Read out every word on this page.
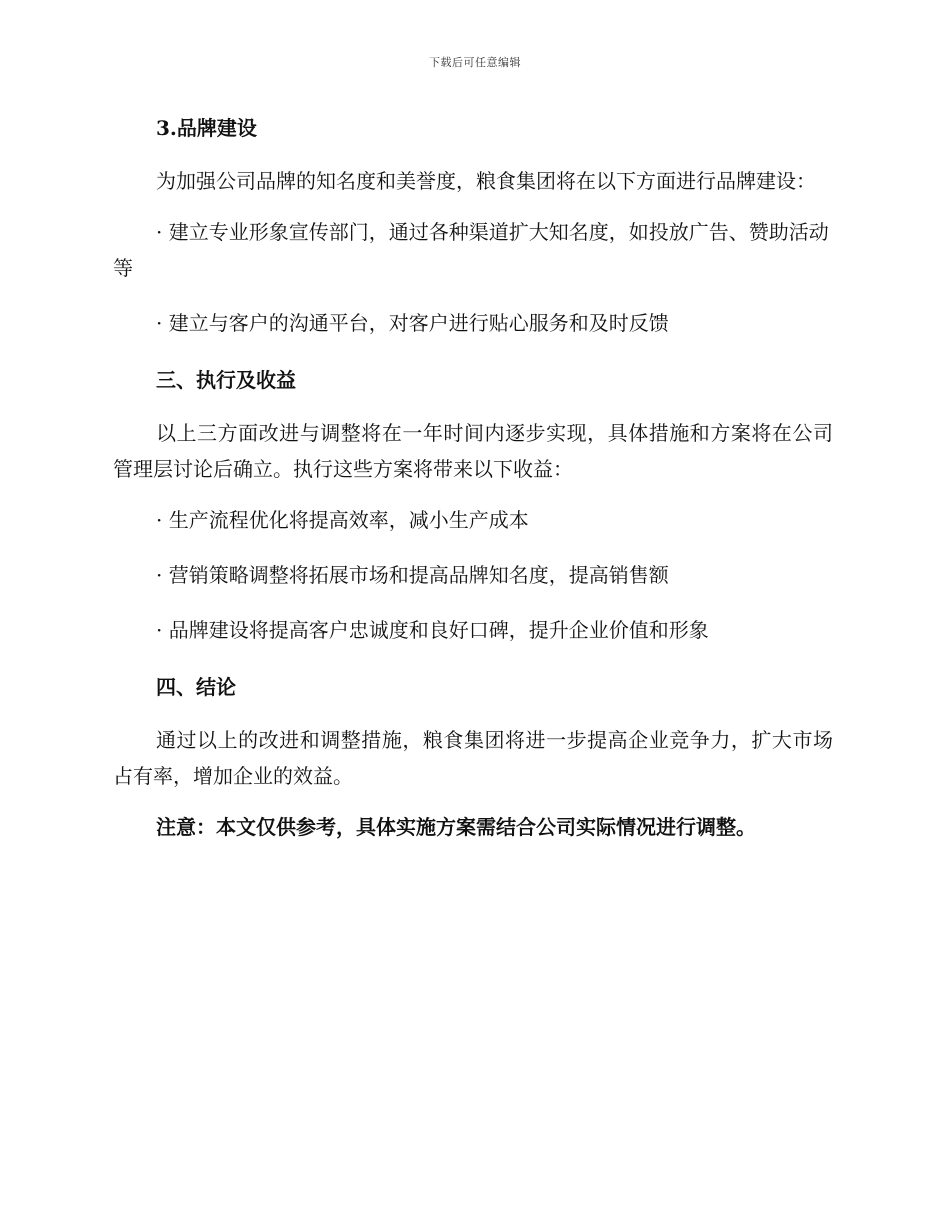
下载后可任意编辑
3.品牌建设

为加强公司品牌的知名度和美誉度，粮食集团将在以下方面进行品牌建设：

· 建立专业形象宣传部门，通过各种渠道扩大知名度，如投放广告、赞助活动等

· 建立与客户的沟通平台，对客户进行贴心服务和及时反馈

三、执行及收益

以上三方面改进与调整将在一年时间内逐步实现，具体措施和方案将在公司管理层讨论后确立。执行这些方案将带来以下收益：

· 生产流程优化将提高效率，减小生产成本

· 营销策略调整将拓展市场和提高品牌知名度，提高销售额

· 品牌建设将提高客户忠诚度和良好口碑，提升企业价值和形象

四、结论

通过以上的改进和调整措施，粮食集团将进一步提高企业竞争力，扩大市场占有率，增加企业的效益。

注意：本文仅供参考，具体实施方案需结合公司实际情况进行调整。
